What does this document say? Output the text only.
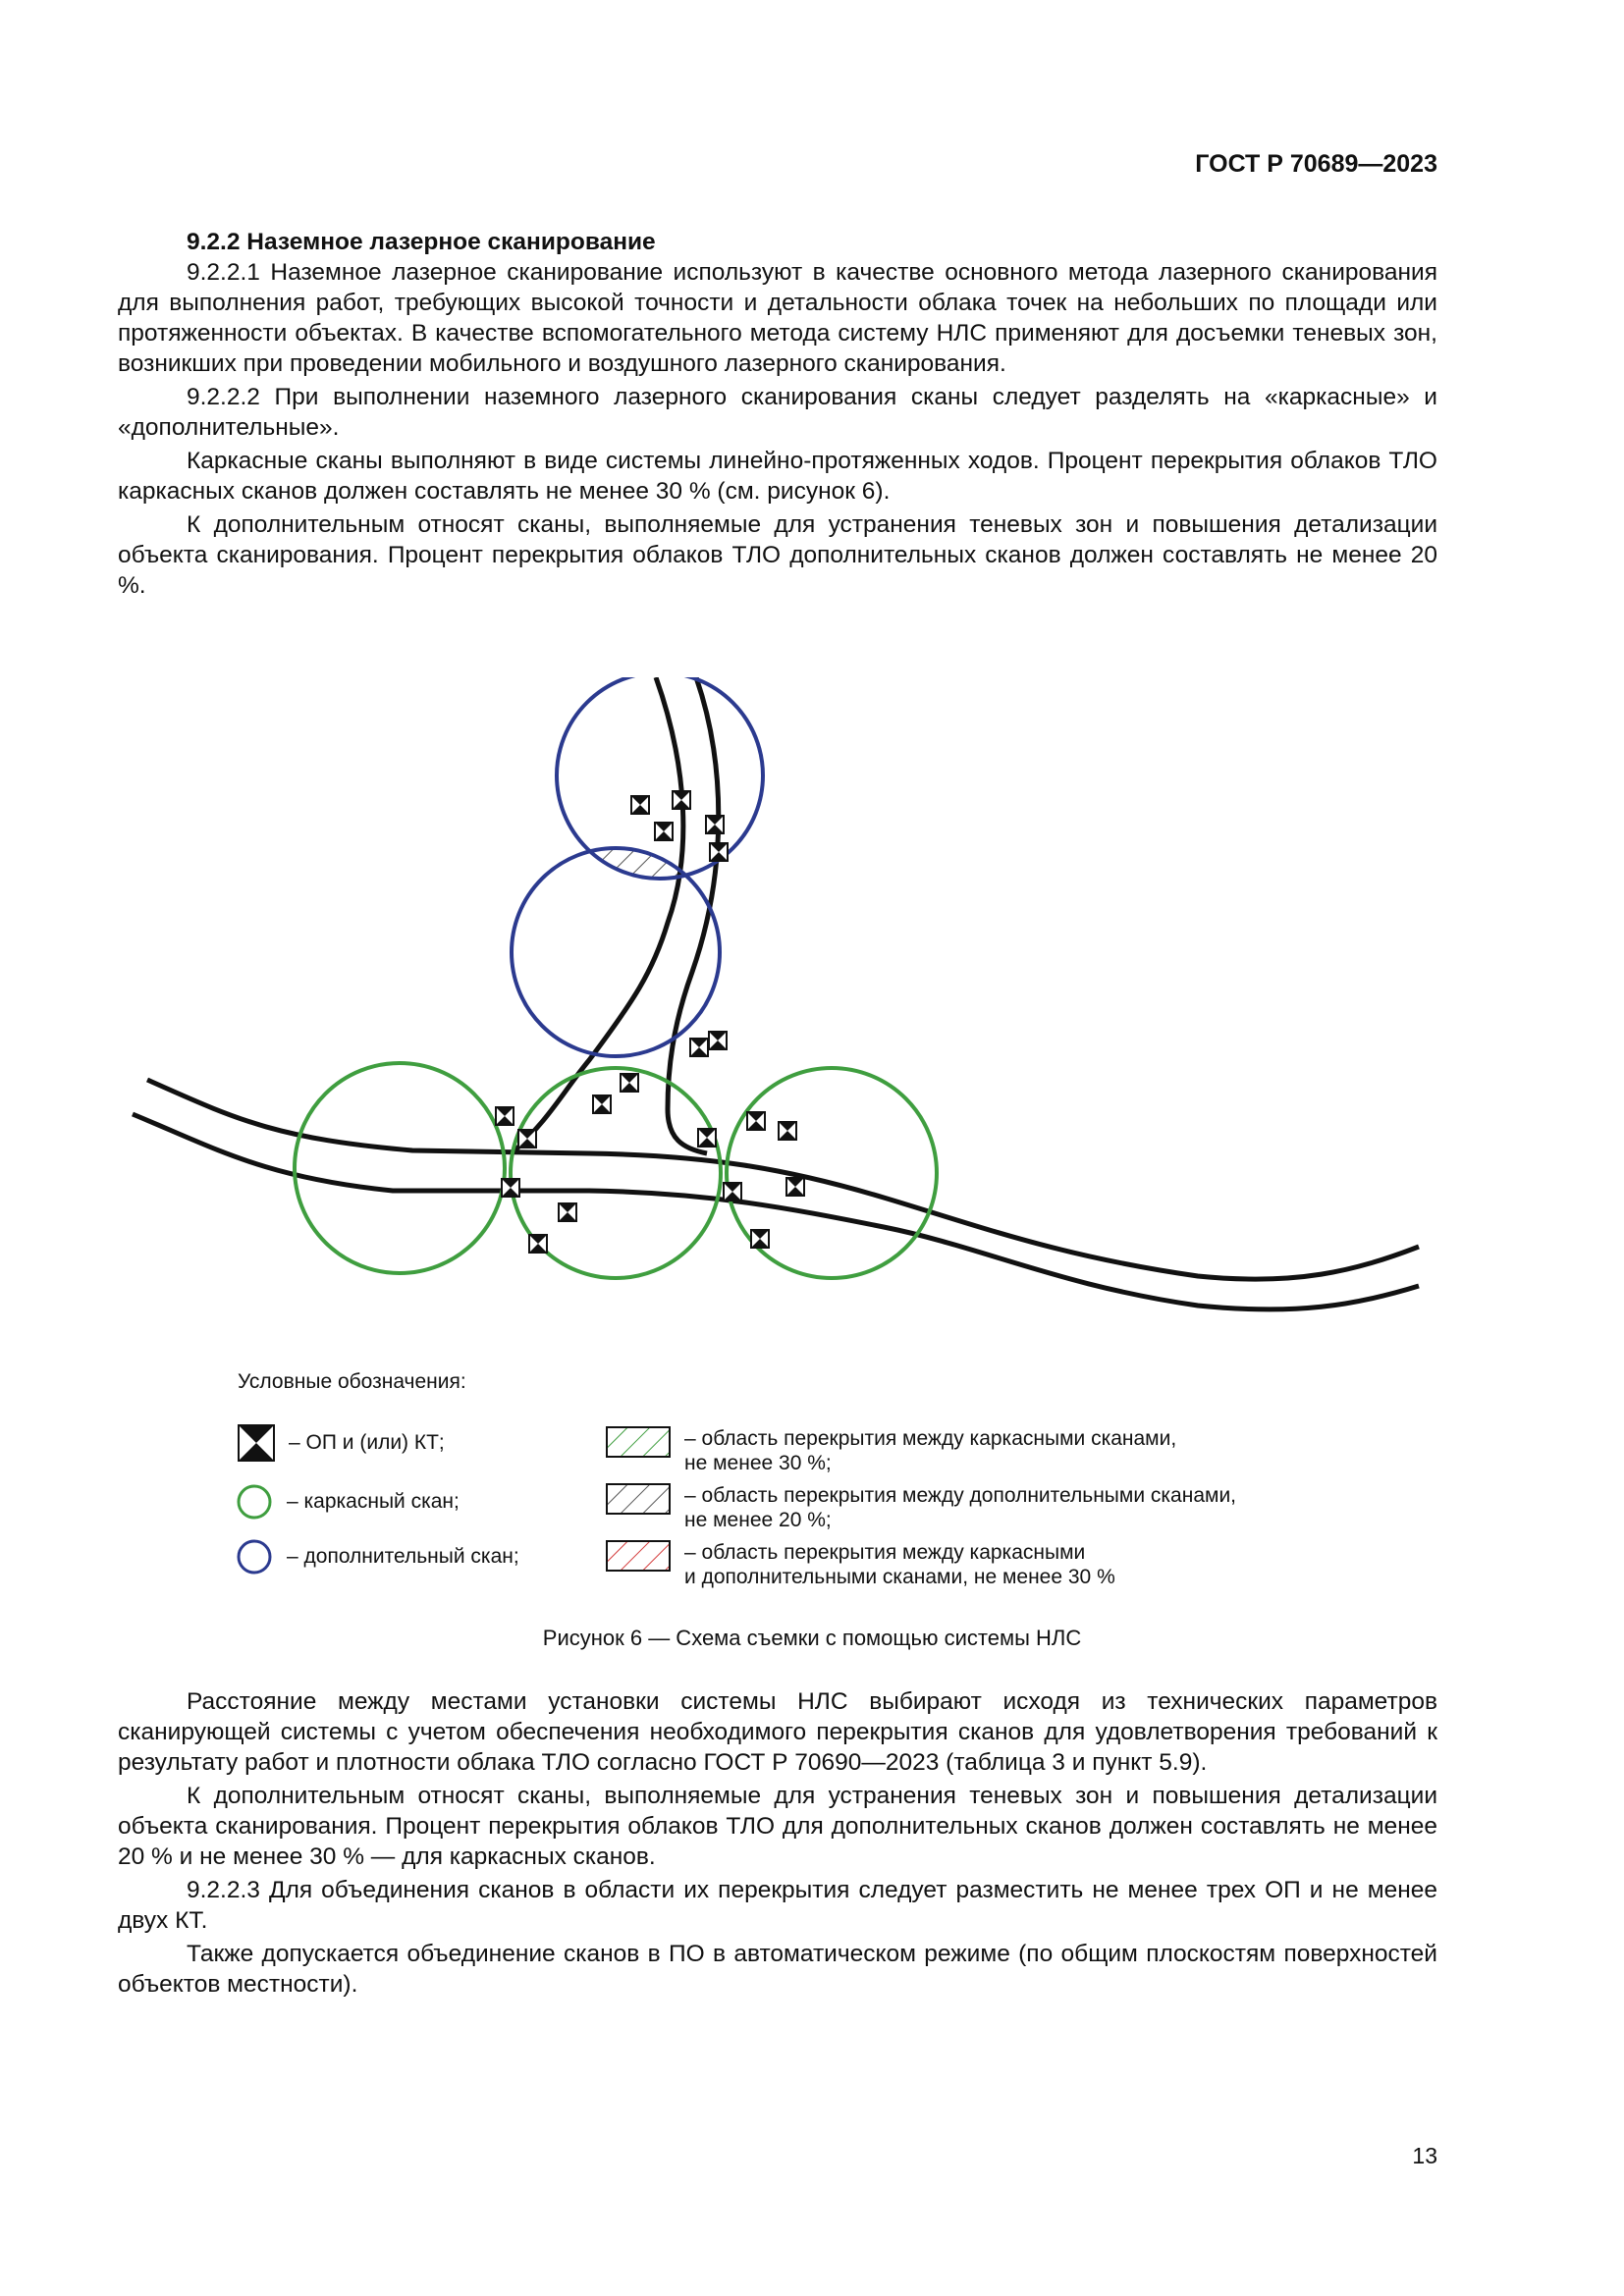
ГОСТ Р 70689—2023

9.2.2 Наземное лазерное сканирование

9.2.2.1 Наземное лазерное сканирование используют в качестве основного метода лазерного сканирования для выполнения работ, требующих высокой точности и детальности облака точек на небольших по площади или протяженности объектах. В качестве вспомогательного метода систему НЛС применяют для досъемки теневых зон, возникших при проведении мобильного и воздушного лазерного сканирования.

9.2.2.2 При выполнении наземного лазерного сканирования сканы следует разделять на «каркасные» и «дополнительные».

Каркасные сканы выполняют в виде системы линейно-протяженных ходов. Процент перекрытия облаков ТЛО каркасных сканов должен составлять не менее 30 % (см. рисунок 6).

К дополнительным относят сканы, выполняемые для устранения теневых зон и повышения детализации объекта сканирования. Процент перекрытия облаков ТЛО дополнительных сканов должен составлять не менее 20 %.

Условные обозначения:
– ОП и (или) КТ;
– каркасный скан;
– дополнительный скан;
– область перекрытия между каркасными сканами,
не менее 30 %;
– область перекрытия между дополнительными сканами,
не менее 20 %;
– область перекрытия между каркасными
и дополнительными сканами, не менее 30 %
Рисунок 6 — Схема съемки с помощью системы НЛС

Расстояние между местами установки системы НЛС выбирают исходя из технических параметров сканирующей системы с учетом обеспечения необходимого перекрытия сканов для удовлетворения требований к результату работ и плотности облака ТЛО согласно ГОСТ Р 70690—2023 (таблица 3 и пункт 5.9).

К дополнительным относят сканы, выполняемые для устранения теневых зон и повышения детализации объекта сканирования. Процент перекрытия облаков ТЛО для дополнительных сканов должен составлять не менее 20 % и не менее 30 % — для каркасных сканов.

9.2.2.3 Для объединения сканов в области их перекрытия следует разместить не менее трех ОП и не менее двух КТ.

Также допускается объединение сканов в ПО в автоматическом режиме (по общим плоскостям поверхностей объектов местности).

13
